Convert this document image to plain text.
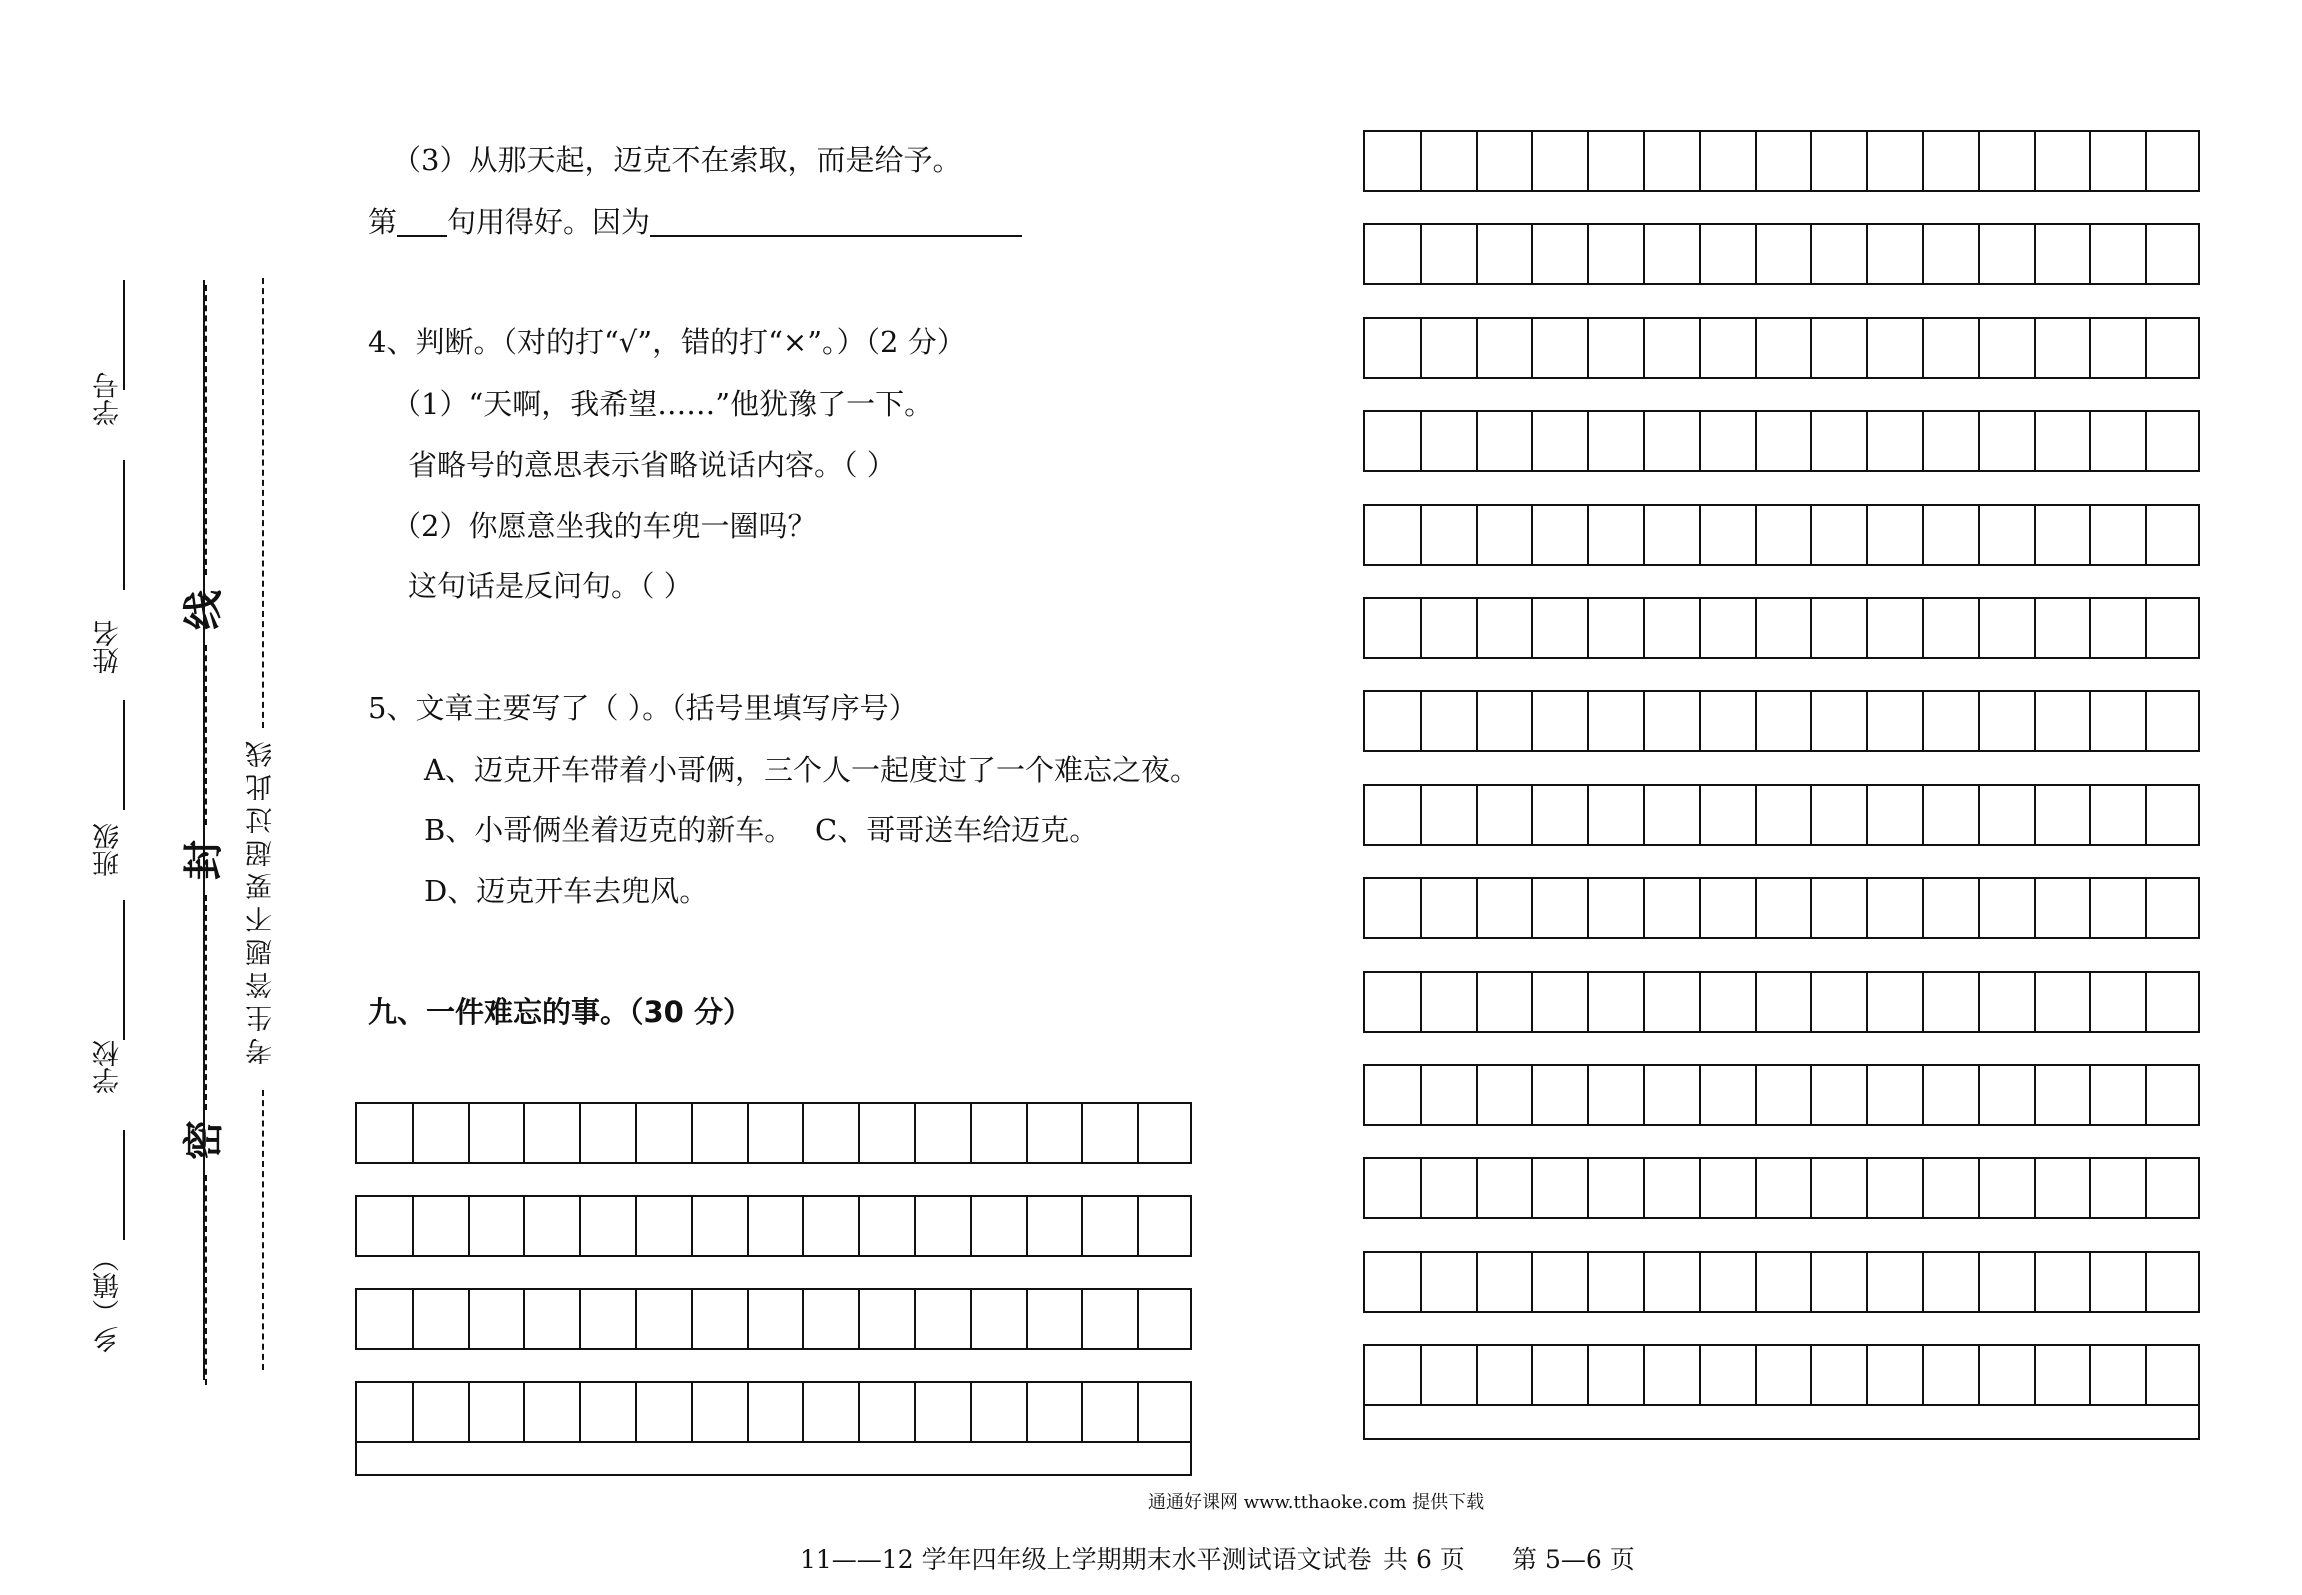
学号
姓名
班级
学校
乡（镇）
线
封
密
考生答题不要超过此线
（3）从那天起，迈克不在索取，而是给予。
第 句用得好。因为
4、判断。（对的打“√”，错的打“×”。）（2 分）
（1）“天啊，我希望……”他犹豫了一下。
省略号的意思表示省略说话内容。（ ）
（2）你愿意坐我的车兜一圈吗？
这句话是反问句。（ ）
5、文章主要写了（ ）。（括号里填写序号）
A、迈克开车带着小哥俩，三个人一起度过了一个难忘之夜。
B、小哥俩坐着迈克的新车。 C、哥哥送车给迈克。
D、迈克开车去兜风。
九、一件难忘的事。（30 分）
通通好课网 www.tthaoke.com 提供下载
11——12 学年四年级上学期期末水平测试语文试卷 共 6 页 第 5—6 页
